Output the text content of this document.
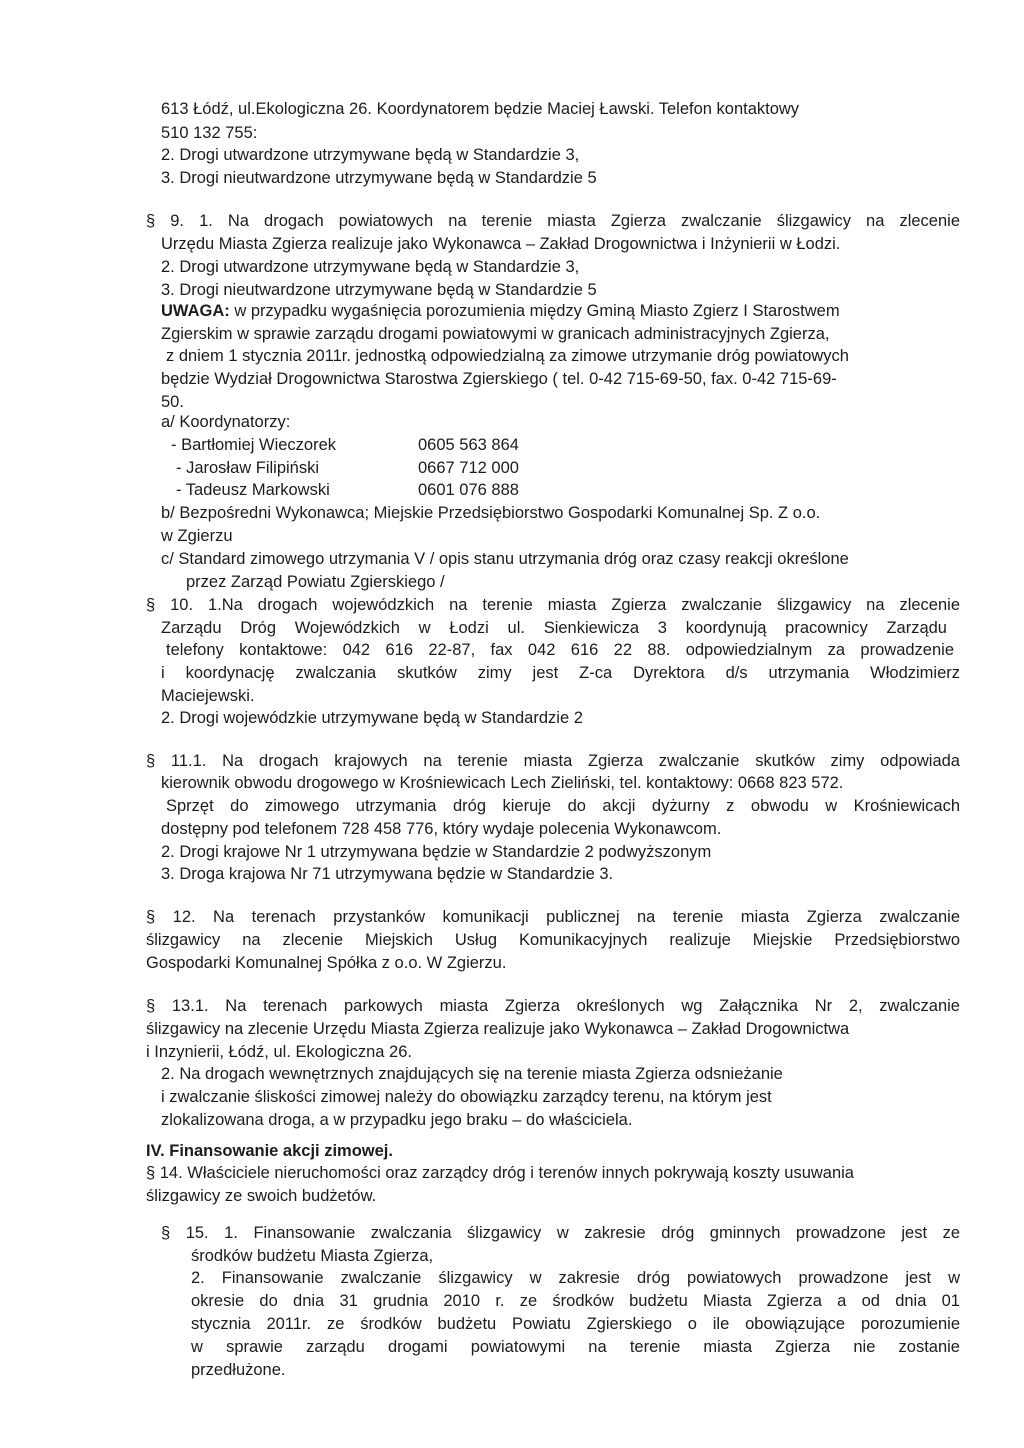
613 Łódź, ul.Ekologiczna 26. Koordynatorem będzie Maciej Ławski. Telefon kontaktowy
510 132 755:
2. Drogi utwardzone utrzymywane będą w Standardzie 3,
3. Drogi nieutwardzone utrzymywane będą w Standardzie 5
§ 9. 1. Na drogach powiatowych na terenie miasta Zgierza zwalczanie ślizgawicy na zlecenie
Urzędu Miasta Zgierza realizuje jako Wykonawca – Zakład Drogownictwa i Inżynierii w Łodzi.
2. Drogi utwardzone utrzymywane będą w Standardzie 3,
3. Drogi nieutwardzone utrzymywane będą w Standardzie 5
UWAGA: w przypadku wygaśnięcia porozumienia między Gminą Miasto Zgierz I Starostwem
Zgierskim w sprawie zarządu drogami powiatowymi w granicach administracyjnych Zgierza,
z dniem 1 stycznia 2011r. jednostką odpowiedzialną za zimowe utrzymanie dróg powiatowych
będzie Wydział Drogownictwa Starostwa Zgierskiego ( tel. 0-42 715-69-50, fax. 0-42 715-69-
50.
a/ Koordynatorzy:
- Bartłomiej Wieczorek	0605 563 864
- Jarosław Filipiński	0667 712 000
- Tadeusz Markowski	0601 076 888
b/ Bezpośredni Wykonawca; Miejskie Przedsiębiorstwo Gospodarki Komunalnej Sp. Z o.o.
w Zgierzu
c/ Standard zimowego utrzymania V / opis stanu utrzymania dróg oraz czasy reakcji określone
przez Zarząd Powiatu Zgierskiego /
§ 10. 1.Na drogach wojewódzkich na terenie miasta Zgierza zwalczanie ślizgawicy na zlecenie
Zarządu Dróg Wojewódzkich w Łodzi ul. Sienkiewicza 3 koordynują pracownicy Zarządu
telefony kontaktowe: 042 616 22-87, fax 042 616 22 88. odpowiedzialnym za prowadzenie
i koordynację zwalczania skutków zimy jest Z-ca Dyrektora d/s utrzymania Włodzimierz
Maciejewski.
2. Drogi wojewódzkie utrzymywane będą w Standardzie 2
§ 11.1. Na drogach krajowych na terenie miasta Zgierza zwalczanie skutków zimy odpowiada
kierownik obwodu drogowego w Krośniewicach Lech Zieliński, tel. kontaktowy: 0668 823 572.
Sprzęt do zimowego utrzymania dróg kieruje do akcji dyżurny z obwodu w Krośniewicach
dostępny pod telefonem 728 458 776, który wydaje polecenia Wykonawcom.
2. Drogi krajowe Nr 1 utrzymywana będzie w Standardzie 2 podwyższonym
3. Droga krajowa Nr 71 utrzymywana będzie w Standardzie 3.
§ 12. Na terenach przystanków komunikacji publicznej na terenie miasta Zgierza zwalczanie
ślizgawicy na zlecenie Miejskich Usług Komunikacyjnych realizuje Miejskie Przedsiębiorstwo
Gospodarki Komunalnej Spółka z o.o. W Zgierzu.
§ 13.1. Na terenach parkowych miasta Zgierza określonych wg Załącznika Nr 2, zwalczanie
ślizgawicy na zlecenie Urzędu Miasta Zgierza realizuje jako Wykonawca – Zakład Drogownictwa
i Inzynierii, Łódź, ul. Ekologiczna 26.
2. Na drogach wewnętrznych znajdujących się na terenie miasta Zgierza odsnieżanie
i zwalczanie śliskości zimowej należy do obowiązku zarządcy terenu, na którym jest
zlokalizowana droga, a w przypadku jego braku – do właściciela.
IV. Finansowanie akcji zimowej.
§ 14. Właściciele nieruchomości oraz zarządcy dróg i terenów innych pokrywają koszty usuwania
ślizgawicy ze swoich budżetów.
§ 15. 1. Finansowanie zwalczania ślizgawicy w zakresie dróg gminnych prowadzone jest ze
środków budżetu Miasta Zgierza,
2. Finansowanie zwalczanie ślizgawicy w zakresie dróg powiatowych prowadzone jest w
okresie do dnia 31 grudnia 2010 r. ze środków budżetu Miasta Zgierza a od dnia 01
stycznia 2011r. ze środków budżetu Powiatu Zgierskiego o ile obowiązujące porozumienie
w sprawie zarządu drogami powiatowymi na terenie miasta Zgierza nie zostanie
przedłużone.
